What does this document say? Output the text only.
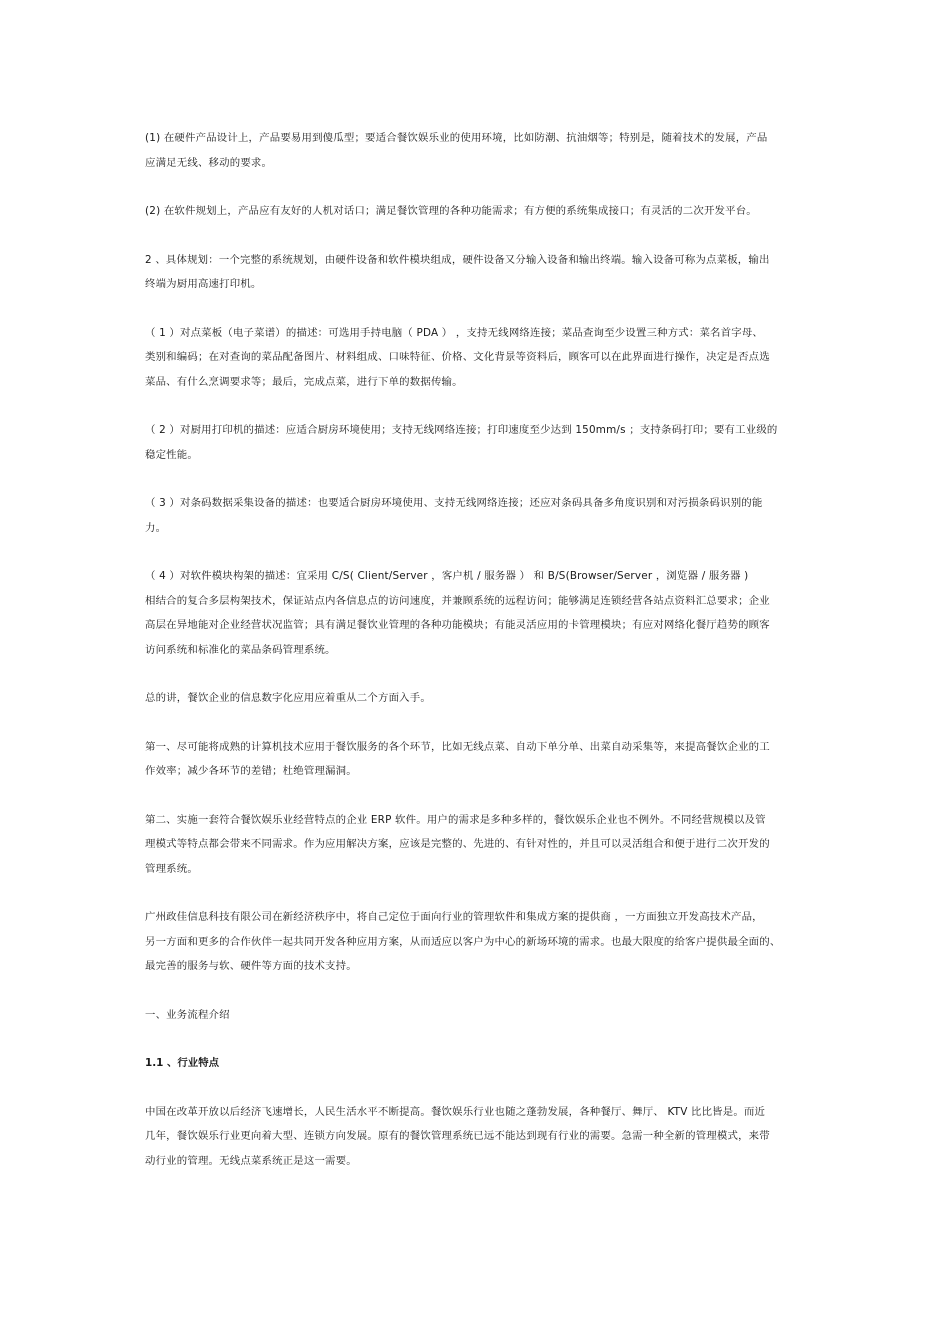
(1) 在硬件产品设计上，产品要易用到傻瓜型；要适合餐饮娱乐业的使用环境，比如防潮、抗油烟等；特别是，随着技术的发展，产品
应满足无线、移动的要求。
(2) 在软件规划上，产品应有友好的人机对话口；满足餐饮管理的各种功能需求；有方便的系统集成接口；有灵活的二次开发平台。
2 、具体规划：一个完整的系统规划，由硬件设备和软件模块组成，硬件设备又分输入设备和输出终端。输入设备可称为点菜板，输出
终端为厨用高速打印机。
（ 1 ）对点菜板（电子菜谱）的描述：可选用手持电脑（ PDA ） ，支持无线网络连接；菜品查询至少设置三种方式：菜名首字母、
类别和编码；在对查询的菜品配备图片、材料组成、口味特征、价格、文化背景等资料后，顾客可以在此界面进行操作，决定是否点选
菜品、有什么烹调要求等；最后，完成点菜，进行下单的数据传输。
（ 2 ）对厨用打印机的描述：应适合厨房环境使用；支持无线网络连接；打印速度至少达到 150mm/s ；支持条码打印；要有工业级的
稳定性能。
（ 3 ）对条码数据采集设备的描述：也要适合厨房环境使用、支持无线网络连接；还应对条码具备多角度识别和对污损条码识别的能
力。
（ 4 ）对软件模块构架的描述：宜采用 C/S( Client/Server ，客户机 / 服务器 ） 和 B/S(Browser/Server ，浏览器 / 服务器 )
相结合的复合多层构架技术，保证站点内各信息点的访问速度，并兼顾系统的远程访问；能够满足连锁经营各站点资料汇总要求；企业
高层在异地能对企业经营状况监管；具有满足餐饮业管理的各种功能模块；有能灵活应用的卡管理模块；有应对网络化餐厅趋势的顾客
访问系统和标准化的菜品条码管理系统。
总的讲，餐饮企业的信息数字化应用应着重从二个方面入手。
第一、尽可能将成熟的计算机技术应用于餐饮服务的各个环节，比如无线点菜、自动下单分单、出菜自动采集等，来提高餐饮企业的工
作效率；减少各环节的差错；杜绝管理漏洞。
第二、实施一套符合餐饮娱乐业经营特点的企业 ERP 软件。用户的需求是多种多样的，餐饮娱乐企业也不例外。不同经营规模以及管
理模式等特点都会带来不同需求。作为应用解决方案，应该是完整的、先进的、有针对性的，并且可以灵活组合和便于进行二次开发的
管理系统。
广州政佳信息科技有限公司在新经济秩序中，将自己定位于面向行业的管理软件和集成方案的提供商 ，一方面独立开发高技术产品，
另一方面和更多的合作伙伴一起共同开发各种应用方案，从而适应以客户为中心的新场环境的需求。也最大限度的给客户提供最全面的、
最完善的服务与软、硬件等方面的技术支持。
一、业务流程介绍
1.1 、行业特点
中国在改革开放以后经济飞速增长，人民生活水平不断提高。餐饮娱乐行业也随之蓬勃发展，各种餐厅、舞厅、 KTV 比比皆是。而近
几年，餐饮娱乐行业更向着大型、连锁方向发展。原有的餐饮管理系统已远不能达到现有行业的需要。急需一种全新的管理模式，来带
动行业的管理。无线点菜系统正是这一需要。
